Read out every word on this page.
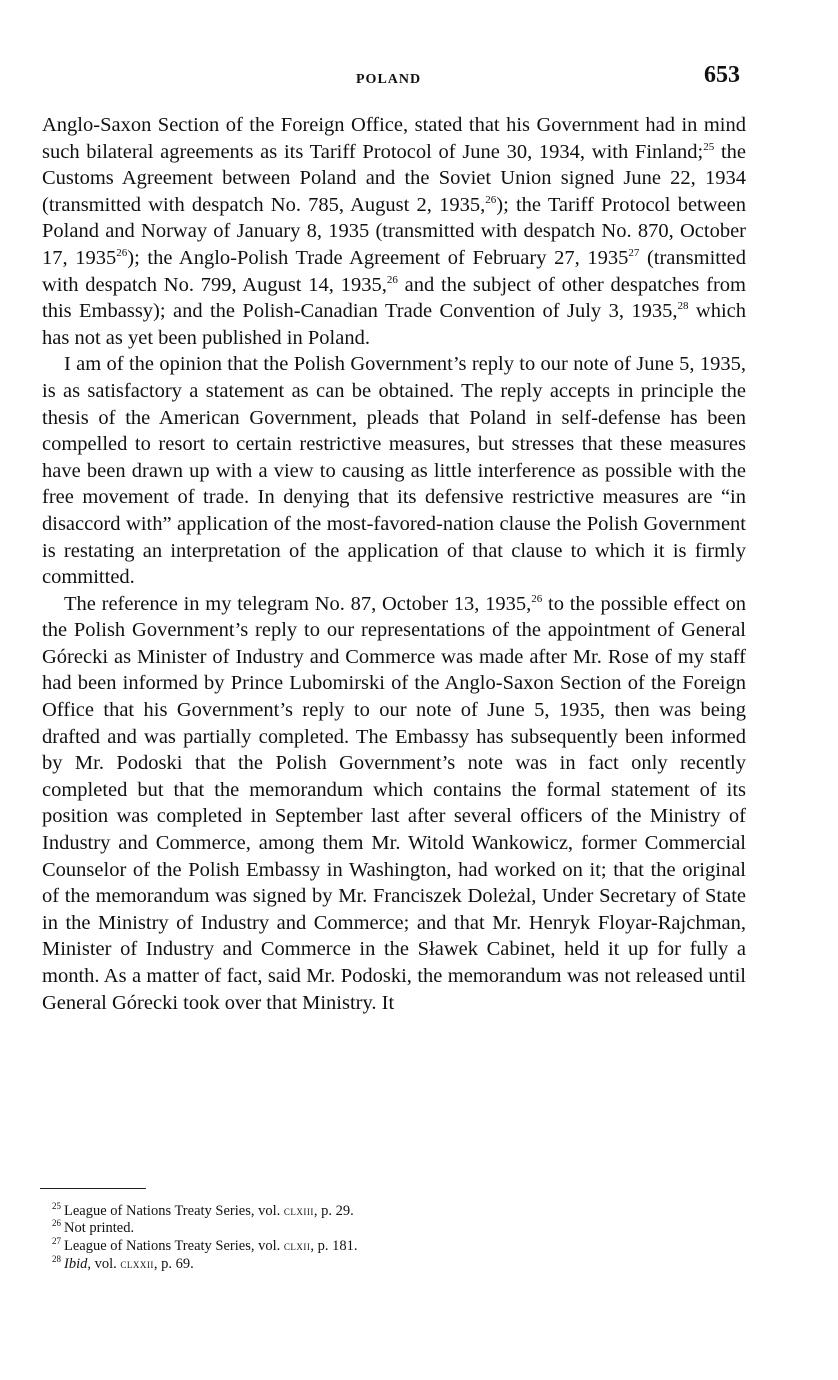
POLAND	653

Anglo-Saxon Section of the Foreign Office, stated that his Government had in mind such bilateral agreements as its Tariff Protocol of June 30, 1934, with Finland;$^{25}$ the Customs Agreement between Poland and the Soviet Union signed June 22, 1934 (transmitted with despatch No. 785, August 2, 1935,26); the Tariff Protocol between Poland and Norway of January 8, 1935 (transmitted with despatch No. 870, October 17, 1935$^{26}$); the Anglo-Polish Trade Agreement of February 27, 1935$^{27}$ (transmitted with despatch No. 799, August 14, 1935,26 and the subject of other despatches from this Embassy); and the Polish-Canadian Trade Convention of July 3, 1935,28 which has not as yet been published in Poland.

I am of the opinion that the Polish Government’s reply to our note of June 5, 1935, is as satisfactory a statement as can be obtained. The reply accepts in principle the thesis of the American Government, pleads that Poland in self-defense has been compelled to resort to certain restrictive measures, but stresses that these measures have been drawn up with a view to causing as little interference as possible with the free movement of trade. In denying that its defensive restrictive measures are “in disaccord with” application of the most-favored-nation clause the Polish Government is restating an interpretation of the application of that clause to which it is firmly committed.

The reference in my telegram No. 87, October 13, 1935,26 to the possible effect on the Polish Government’s reply to our representations of the appointment of General Górecki as Minister of Industry and Commerce was made after Mr. Rose of my staff had been informed by Prince Lubomirski of the Anglo-Saxon Section of the Foreign Office that his Government’s reply to our note of June 5, 1935, then was being drafted and was partially completed. The Embassy has subsequently been informed by Mr. Podoski that the Polish Government’s note was in fact only recently completed but that the memorandum which contains the formal statement of its position was completed in September last after several officers of the Ministry of Industry and Commerce, among them Mr. Witold Wankowicz, former Commercial Counselor of the Polish Embassy in Washington, had worked on it; that the original of the memorandum was signed by Mr. Franciszek Doleżal, Under Secretary of State in the Ministry of Industry and Commerce; and that Mr. Henryk Floyar-Rajchman, Minister of Industry and Commerce in the Sławek Cabinet, held it up for fully a month. As a matter of fact, said Mr. Podoski, the memorandum was not released until General Górecki took over that Ministry. It

$^{25}$ League of Nations Treaty Series, vol. clxiii, p. 29.
$^{26}$ Not printed.
$^{27}$ League of Nations Treaty Series, vol. clxii, p. 181.
$^{28}$ Ibid, vol. clxxii, p. 69.
